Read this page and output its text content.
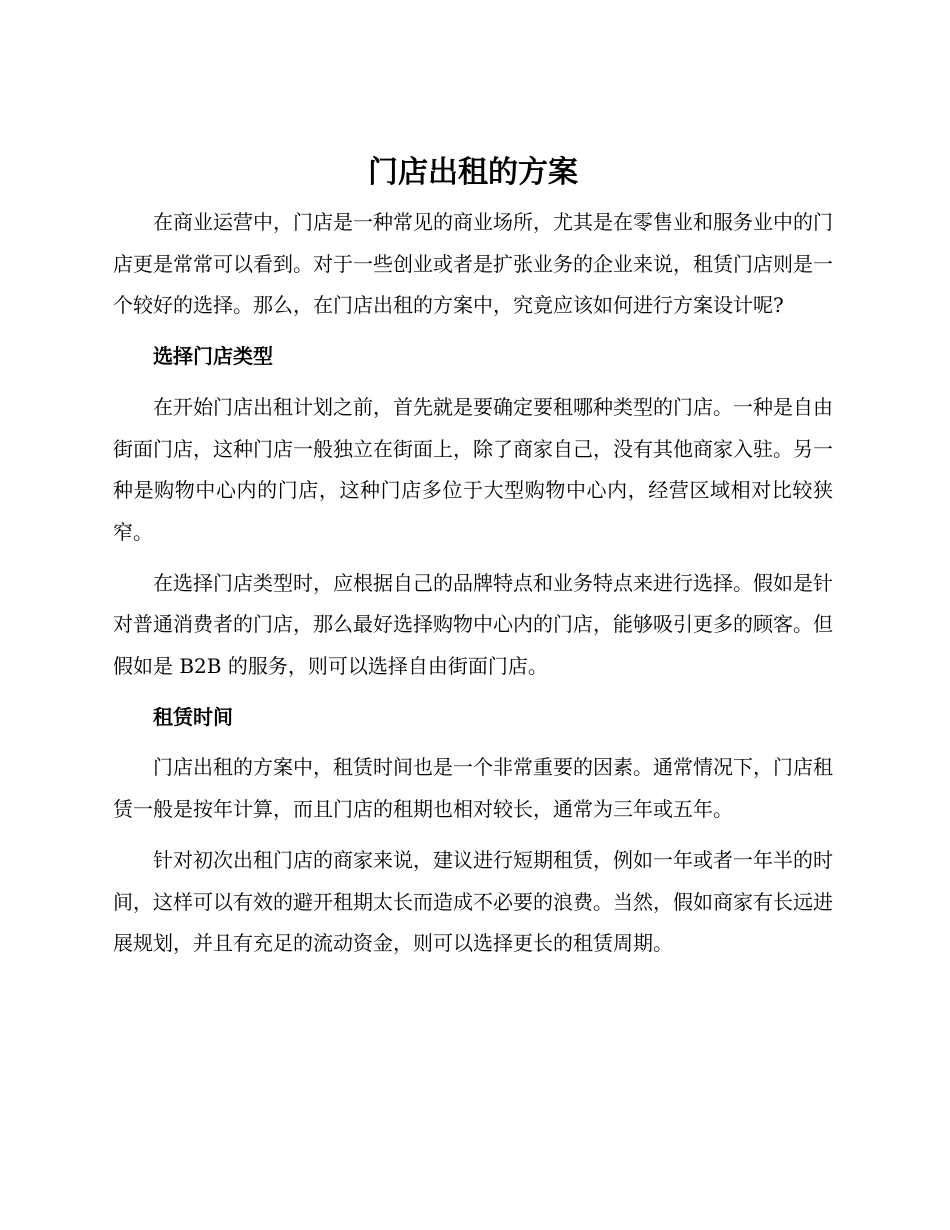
门店出租的方案

在商业运营中，门店是一种常见的商业场所，尤其是在零售业和服务业中的门店更是常常可以看到。对于一些创业或者是扩张业务的企业来说，租赁门店则是一个较好的选择。那么，在门店出租的方案中，究竟应该如何进行方案设计呢?

选择门店类型

在开始门店出租计划之前，首先就是要确定要租哪种类型的门店。一种是自由街面门店，这种门店一般独立在街面上，除了商家自己，没有其他商家入驻。另一种是购物中心内的门店，这种门店多位于大型购物中心内，经营区域相对比较狭窄。

在选择门店类型时，应根据自己的品牌特点和业务特点来进行选择。假如是针对普通消费者的门店，那么最好选择购物中心内的门店，能够吸引更多的顾客。但假如是 B2B 的服务，则可以选择自由街面门店。

租赁时间

门店出租的方案中，租赁时间也是一个非常重要的因素。通常情况下，门店租赁一般是按年计算，而且门店的租期也相对较长，通常为三年或五年。

针对初次出租门店的商家来说，建议进行短期租赁，例如一年或者一年半的时间，这样可以有效的避开租期太长而造成不必要的浪费。当然，假如商家有长远进展规划，并且有充足的流动资金，则可以选择更长的租赁周期。
